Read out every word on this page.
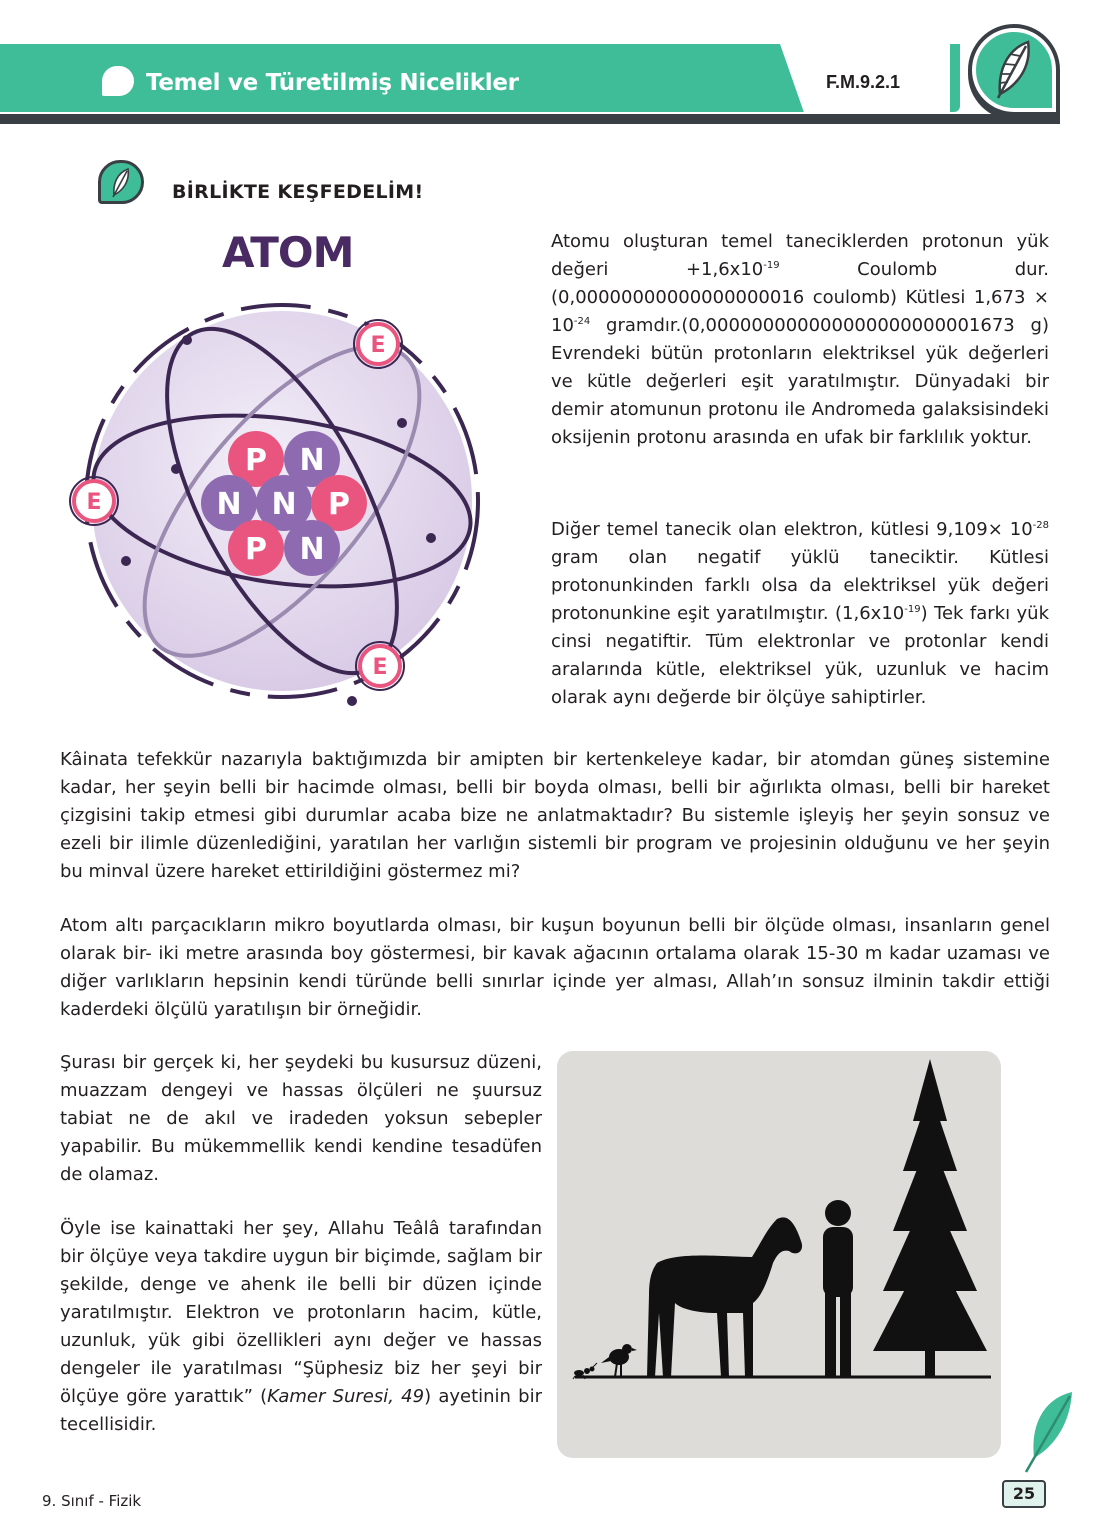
Temel ve Türetilmiş Nicelikler	F.M.9.2.1
BİRLİKTE KEŞFEDELİM!
ATOM
P N
N N P
P N
E
E
E

Atomu oluşturan temel taneciklerden protonun yük değeri $+1,6x10^{-19}$ Coulomb dur. (0,00000000000000000016 coulomb) Kütlesi $1,673 \times 10^{-24}$ gramdır.(0,000000000000000000000001673 g) Evrendeki bütün protonların elektriksel yük değerleri ve kütle değerleri eşit yaratılmıştır. Dünyadaki bir demir atomunun protonu ile Andromeda galaksisindeki oksijenin protonu arasında en ufak bir farklılık yoktur.

Diğer temel tanecik olan elektron, kütlesi $9,109\times 10^{-28}$ gram olan negatif yüklü taneciktir. Kütlesi protonunkinden farklı olsa da elektriksel yük değeri protonunkine eşit yaratılmıştır. $(1,6x10^{-19})$ Tek farkı yük cinsi negatiftir. Tüm elektronlar ve protonlar kendi aralarında kütle, elektriksel yük, uzunluk ve hacim olarak aynı değerde bir ölçüye sahiptirler.

Kâinata tefekkür nazarıyla baktığımızda bir amipten bir kertenkeleye kadar, bir atomdan güneş sistemine kadar, her şeyin belli bir hacimde olması, belli bir boyda olması, belli bir ağırlıkta olması, belli bir hareket çizgisini takip etmesi gibi durumlar acaba bize ne anlatmaktadır? Bu sistemle işleyiş her şeyin sonsuz ve ezeli bir ilimle düzenlediğini, yaratılan her varlığın sistemli bir program ve projesinin olduğunu ve her şeyin bu minval üzere hareket ettirildiğini göstermez mi?

Atom altı parçacıkların mikro boyutlarda olması, bir kuşun boyunun belli bir ölçüde olması, insanların genel olarak bir- iki metre arasında boy göstermesi, bir kavak ağacının ortalama olarak 15-30 m kadar uzaması ve diğer varlıkların hepsinin kendi türünde belli sınırlar içinde yer alması, Allah’ın sonsuz ilminin takdir ettiği kaderdeki ölçülü yaratılışın bir örneğidir.

Şurası bir gerçek ki, her şeydeki bu kusursuz düzeni, muazzam dengeyi ve hassas ölçüleri ne şuursuz tabiat ne de akıl ve iradeden yoksun sebepler yapabilir. Bu mükemmellik kendi kendine tesadüfen de olamaz.

Öyle ise kainattaki her şey, Allahu Teâlâ tarafından bir ölçüye veya takdire uygun bir biçimde, sağlam bir şekilde, denge ve ahenk ile belli bir düzen içinde yaratılmıştır. Elektron ve protonların hacim, kütle, uzunluk, yük gibi özellikleri aynı değer ve hassas dengeler ile yaratılması “Şüphesiz biz her şeyi bir ölçüye göre yarattık” (Kamer Suresi, 49) ayetinin bir tecellisidir.

9. Sınıf - Fizik	25
